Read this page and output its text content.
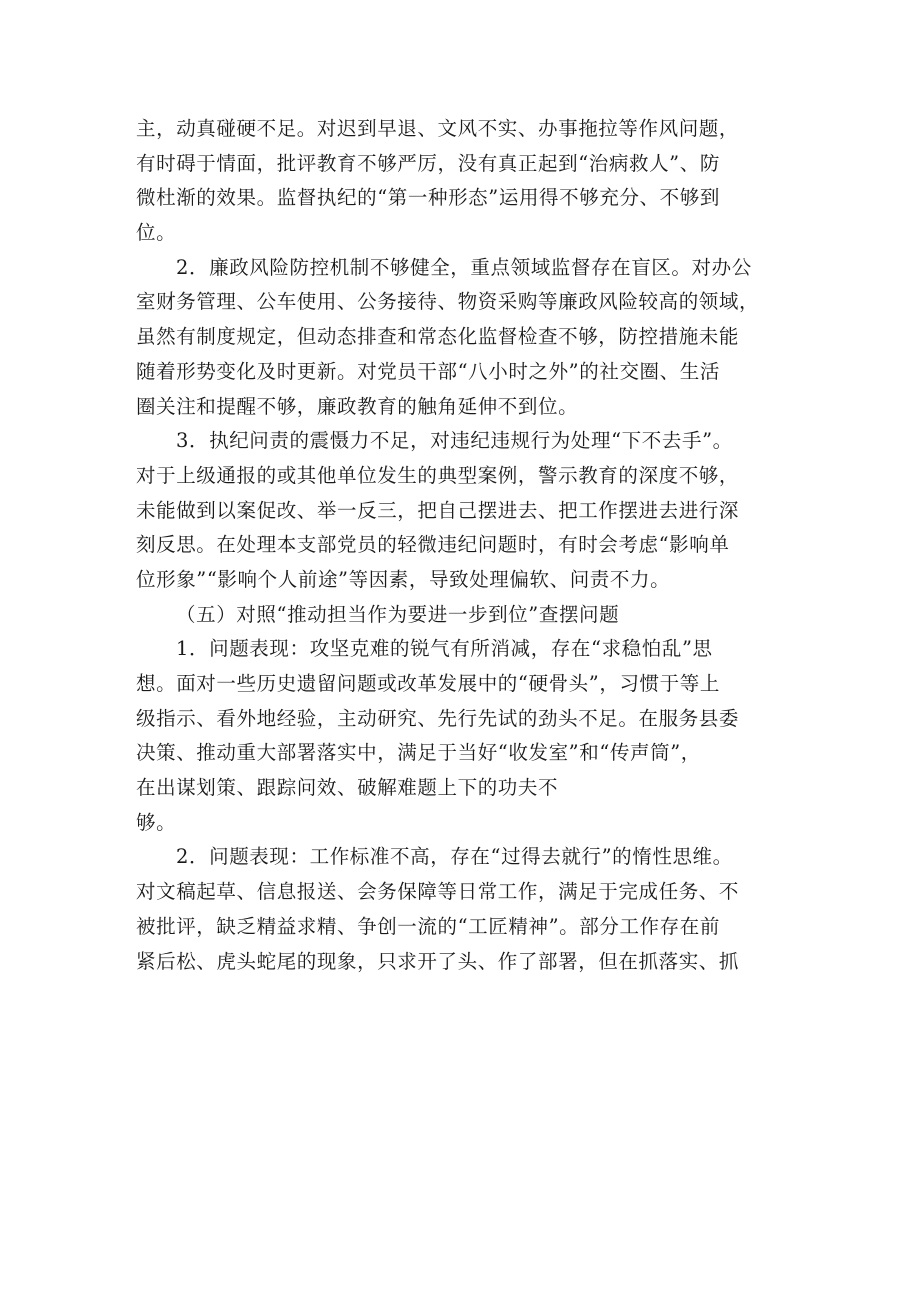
主，动真碰硬不足。对迟到早退、文风不实、办事拖拉等作风问题，
有时碍于情面，批评教育不够严厉，没有真正起到“治病救人”、防
微杜渐的效果。监督执纪的“第一种形态”运用得不够充分、不够到
位。
2．廉政风险防控机制不够健全，重点领域监督存在盲区。对办公
室财务管理、公车使用、公务接待、物资采购等廉政风险较高的领域，
虽然有制度规定，但动态排查和常态化监督检查不够，防控措施未能
随着形势变化及时更新。对党员干部“八小时之外”的社交圈、生活
圈关注和提醒不够，廉政教育的触角延伸不到位。
3．执纪问责的震慑力不足，对违纪违规行为处理“下不去手”。
对于上级通报的或其他单位发生的典型案例，警示教育的深度不够，
未能做到以案促改、举一反三，把自己摆进去、把工作摆进去进行深
刻反思。在处理本支部党员的轻微违纪问题时，有时会考虑“影响单
位形象”“影响个人前途”等因素，导致处理偏软、问责不力。
（五）对照“推动担当作为要进一步到位”查摆问题
1．问题表现：攻坚克难的锐气有所消减，存在“求稳怕乱”思
想。面对一些历史遗留问题或改革发展中的“硬骨头”，习惯于等上
级指示、看外地经验，主动研究、先行先试的劲头不足。在服务县委
决策、推动重大部署落实中，满足于当好“收发室”和“传声筒”，
在出谋划策、跟踪问效、破解难题上下的功夫不
够。
2．问题表现：工作标准不高，存在“过得去就行”的惰性思维。
对文稿起草、信息报送、会务保障等日常工作，满足于完成任务、不
被批评，缺乏精益求精、争创一流的“工匠精神”。部分工作存在前
紧后松、虎头蛇尾的现象，只求开了头、作了部署，但在抓落实、抓
